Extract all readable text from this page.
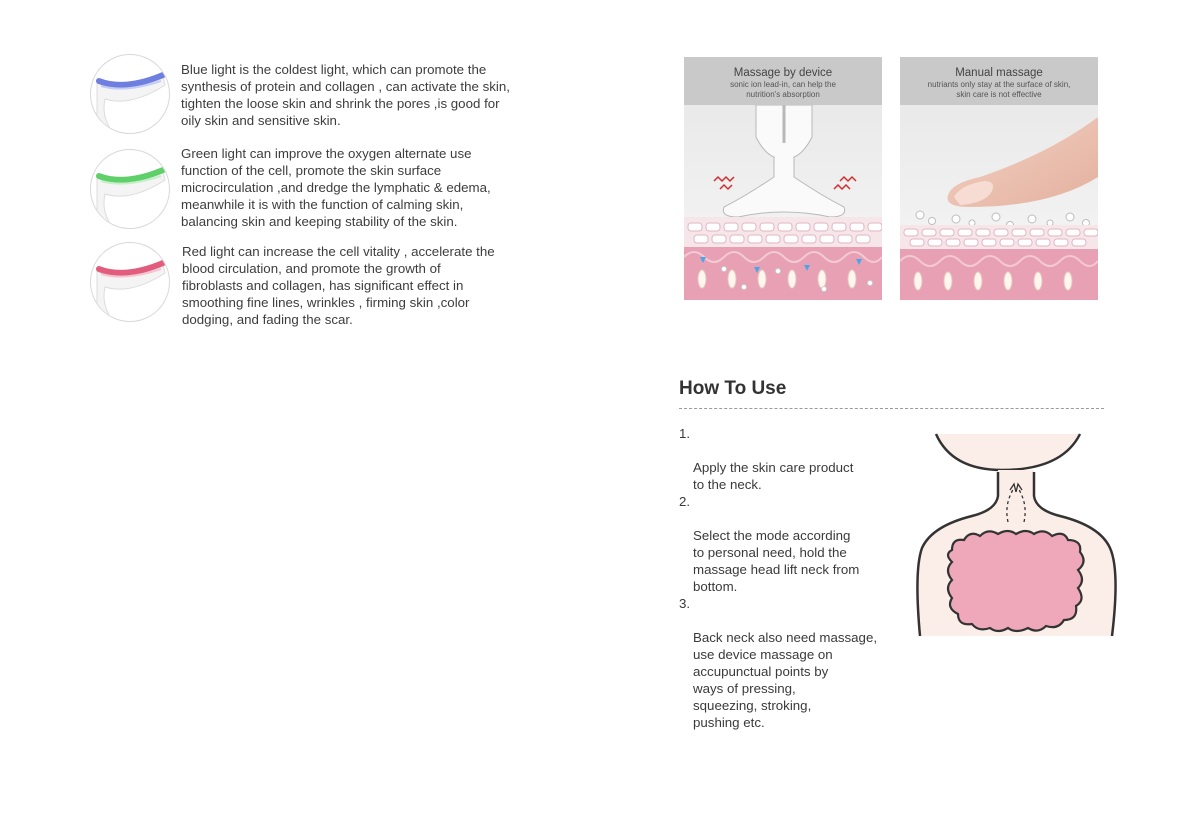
Blue light is the coldest light, which can promote the
synthesis of protein and collagen , can activate the skin,
tighten the loose skin and shrink the pores ,is good for
oily skin and sensitive skin.

Green light can improve the oxygen alternate use
function of the cell, promote the skin surface
microcirculation ,and dredge the lymphatic & edema,
meanwhile it is with the function of calming skin,
balancing skin and keeping stability of the skin.

Red light can increase the cell vitality , accelerate the
blood circulation, and promote the growth of
fibroblasts and collagen, has significant effect in
smoothing fine lines, wrinkles , firming skin ,color
dodging, and fading the scar.

Massage by device
sonic ion lead-in, can help the
nutrition's absorption
Manual massage
nutriants only stay at the surface of skin,
skin care is not effective
How To Use

1.

Apply the skin care product
to the neck.

2.

Select the mode according
to personal need, hold the
massage head lift neck from
bottom.

3.

Back neck also need massage,
use device massage on
accupunctual points by
ways of pressing,
squeezing, stroking,
pushing etc.
